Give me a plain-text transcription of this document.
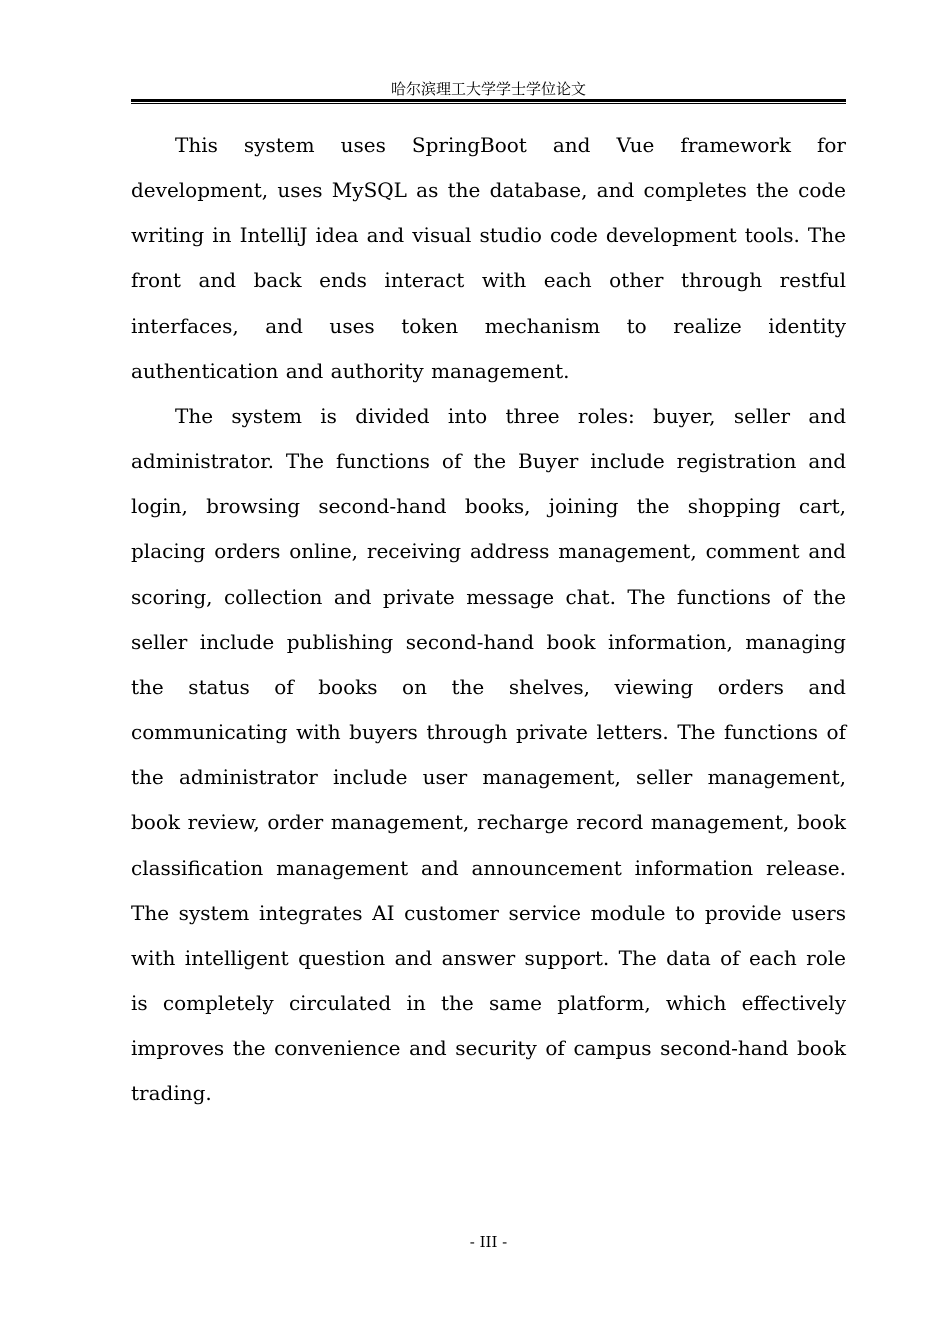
哈尔滨理工大学学士学位论文

This system uses SpringBoot and Vue framework for development, uses MySQL as the database, and completes the code writing in IntelliJ idea and visual studio code development tools. The front and back ends interact with each other through restful interfaces, and uses token mechanism to realize identity authentication and authority management.

The system is divided into three roles: buyer, seller and administrator. The functions of the Buyer include registration and login, browsing second-hand books, joining the shopping cart, placing orders online, receiving address management, comment and scoring, collection and private message chat. The functions of the seller include publishing second-hand book information, managing the status of books on the shelves, viewing orders and communicating with buyers through private letters. The functions of the administrator include user management, seller management, book review, order management, recharge record management, book classification management and announcement information release. The system integrates AI customer service module to provide users with intelligent question and answer support. The data of each role is completely circulated in the same platform, which effectively improves the convenience and security of campus second-hand book trading.

- III -
